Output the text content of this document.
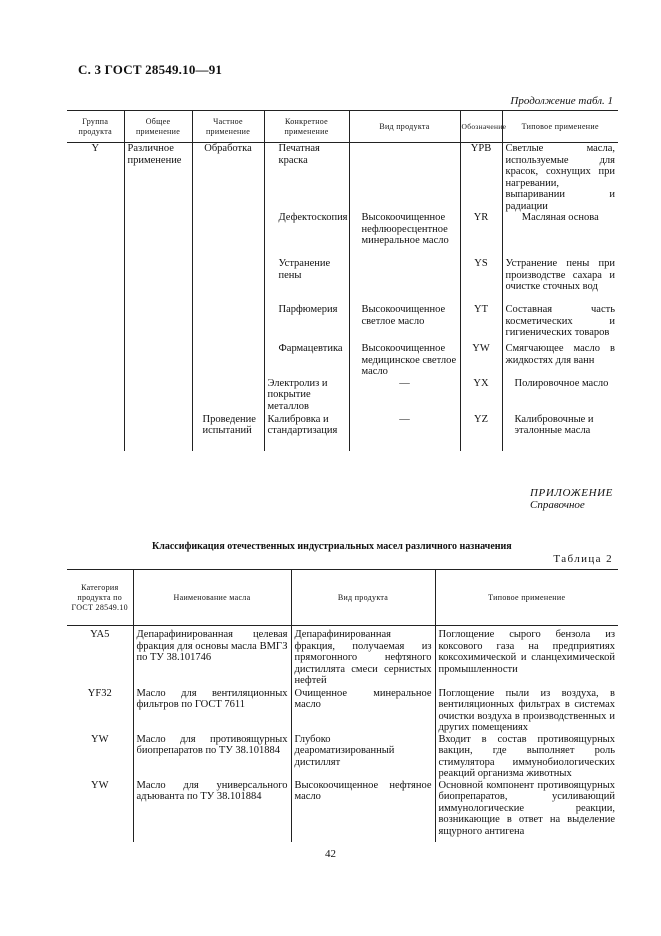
С. 3 ГОСТ 28549.10—91
Продолжение табл. 1
Группа продукта	Общее применение	Частное применение	Конкретное применение	Вид продукта	Обозначение	Типовое применение
Y	Различное применение	Обработка	Печатная краска		YPB	Светлые масла, используемые для красок, сохнущих при нагревании, выпаривании и радиации
			Дефектоскопия	Высокоочищенное нефлюоресцентное минеральное масло	YR	Масляная основа
			Устранение пены		YS	Устранение пены при производстве сахара и очистке сточных вод
			Парфюмерия	Высокоочищенное светлое масло	YT	Составная часть косметических и гигиенических товаров
			Фармацевтика	Высокоочищенное медицинское светлое масло	YW	Смягчающее масло в жидкостях для ванн
			Электролиз и покрытие металлов	—	YX	Полировочное масло
		Проведение испытаний	Калибровка и стандартизация	—	YZ	Калибровочные и эталонные масла
ПРИЛОЖЕНИЕ
Справочное
Классификация отечественных индустриальных масел различного назначения
Таблица 2
Категория продукта по ГОСТ 28549.10	Наименование масла	Вид продукта	Типовое применение
YA5	Депарафинированная целевая фракция для основы масла ВМГЗ по ТУ 38.101746	Депарафинированная фракция, получаемая из прямогонного нефтяного дистиллята смеси сернистых нефтей	Поглощение сырого бензола из коксового газа на предприятиях коксохимической и сланцехимической промышленности
YF32	Масло для вентиляционных фильтров по ГОСТ 7611	Очищенное минеральное масло	Поглощение пыли из воздуха, в вентиляционных фильтрах в системах очистки воздуха в производственных и других помещениях
YW	Масло для противоящурных биопрепаратов по ТУ 38.101884	Глубоко деароматизированный дистиллят	Входит в состав противоящурных вакцин, где выполняет роль стимулятора иммунобиологических реакций организма животных
YW	Масло для универсального адъюванта по ТУ 38.101884	Высокоочищенное нефтяное масло	Основной компонент противоящурных биопрепаратов, усиливающий иммунологические реакции, возникающие в ответ на выделение ящурного антигена
42
